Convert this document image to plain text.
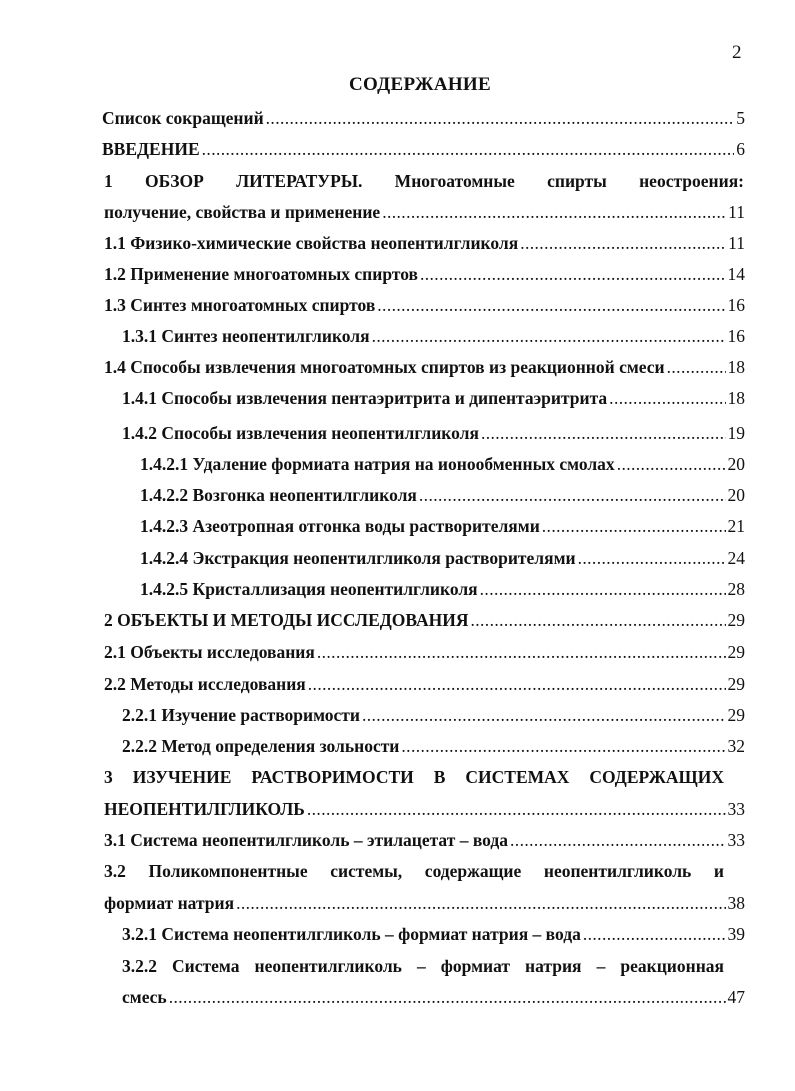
2
СОДЕРЖАНИЕ
Список сокращений .....	5
ВВЕДЕНИЕ .....	6
1 ОБЗОР ЛИТЕРАТУРЫ. Многоатомные спирты неостроения:
получение, свойства и применение .....	11
1.1 Физико-химические свойства неопентилгликоля .....	11
1.2 Применение многоатомных спиртов .....	14
1.3 Синтез многоатомных спиртов .....	16
1.3.1 Синтез неопентилгликоля .....	16
1.4 Способы извлечения многоатомных спиртов из реакционной смеси .....	18
1.4.1 Способы извлечения пентаэритрита и дипентаэритрита .....	18
1.4.2 Способы извлечения неопентилгликоля .....	19
1.4.2.1 Удаление формиата натрия на ионообменных смолах .....	20
1.4.2.2 Возгонка неопентилгликоля .....	20
1.4.2.3 Азеотропная отгонка воды растворителями .....	21
1.4.2.4 Экстракция неопентилгликоля растворителями .....	24
1.4.2.5 Кристаллизация неопентилгликоля .....	28
2 ОБЪЕКТЫ И МЕТОДЫ ИССЛЕДОВАНИЯ .....	29
2.1 Объекты исследования .....	29
2.2 Методы исследования .....	29
2.2.1 Изучение растворимости .....	29
2.2.2 Метод определения зольности .....	32
3 ИЗУЧЕНИЕ РАСТВОРИМОСТИ В СИСТЕМАХ СОДЕРЖАЩИХ
НЕОПЕНТИЛГЛИКОЛЬ .....	33
3.1 Система неопентилгликоль – этилацетат – вода .....	33
3.2 Поликомпонентные системы, содержащие неопентилгликоль и
формиат натрия .....	38
3.2.1 Система неопентилгликоль – формиат натрия – вода .....	39
3.2.2 Система неопентилгликоль – формиат натрия – реакционная
смесь .....	47
